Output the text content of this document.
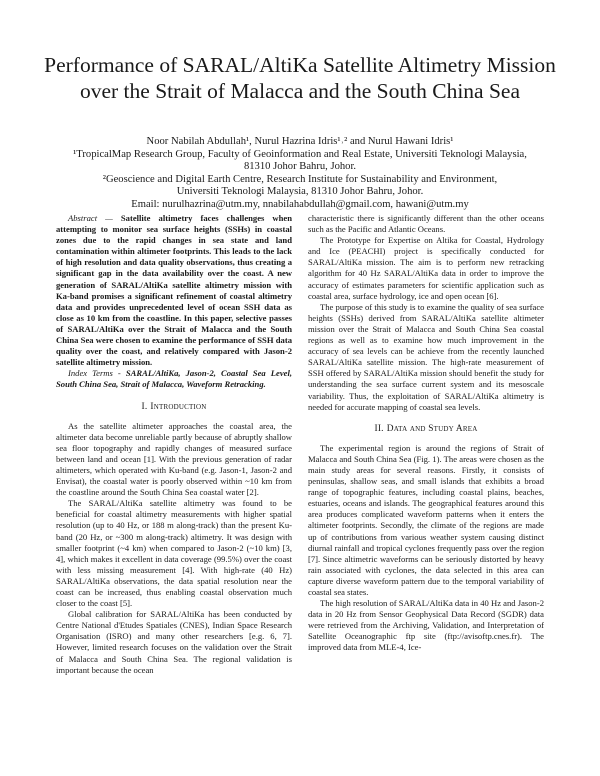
Performance of SARAL/AltiKa Satellite Altimetry Mission over the Strait of Malacca and the South China Sea
Noor Nabilah Abdullah¹, Nurul Hazrina Idris¹˒² and Nurul Hawani Idris¹
¹TropicalMap Research Group, Faculty of Geoinformation and Real Estate, Universiti Teknologi Malaysia,
81310 Johor Bahru, Johor.
²Geoscience and Digital Earth Centre, Research Institute for Sustainability and Environment,
Universiti Teknologi Malaysia, 81310 Johor Bahru, Johor.
Email: nurulhazrina@utm.my, nnabilahabdullah@gmail.com, hawani@utm.my

Abstract — Satellite altimetry faces challenges when attempting to monitor sea surface heights (SSHs) in coastal zones due to the rapid changes in sea state and land contamination within altimeter footprints. This leads to the lack of high resolution and data quality observations, thus creating a significant gap in the data availability over the coast. A new generation of SARAL/AltiKa satellite altimetry mission with Ka-band promises a significant refinement of coastal altimetry data and provides unprecedented level of ocean SSH data as close as 10 km from the coastline. In this paper, selective passes of SARAL/AltiKa over the Strait of Malacca and the South China Sea were chosen to examine the performance of SSH data quality over the coast, and relatively compared with Jason-2 satellite altimetry mission.

Index Terms - SARAL/AltiKa, Jason-2, Coastal Sea Level, South China Sea, Strait of Malacca, Waveform Retracking.

I. Introduction

As the satellite altimeter approaches the coastal area, the altimeter data become unreliable partly because of abruptly shallow sea floor topography and rapidly changes of measured surface between land and ocean [1]. With the previous generation of radar altimeters, which operated with Ku-band (e.g. Jason-1, Jason-2 and Envisat), the coastal water is poorly observed within ~10 km from the coastline around the South China Sea coastal water [2].

The SARAL/AltiKa satellite altimetry was found to be beneficial for coastal altimetry measurements with higher spatial resolution (up to 40 Hz, or 188 m along-track) than the present Ku-band (20 Hz, or ~300 m along-track) altimetry. It was design with smaller footprint (~4 km) when compared to Jason-2 (~10 km) [3, 4], which makes it excellent in data coverage (99.5%) over the coast with less missing measurement [4]. With high-rate (40 Hz) SARAL/AltiKa observations, the data spatial resolution near the coast can be increased, thus enabling coastal observation much closer to the coast [5].

Global calibration for SARAL/AltiKa has been conducted by Centre National d'Etudes Spatiales (CNES), Indian Space Research Organisation (ISRO) and many other researchers [e.g. 6, 7]. However, limited research focuses on the validation over the Strait of Malacca and South China Sea. The regional validation is important because the ocean

characteristic there is significantly different than the other oceans such as the Pacific and Atlantic Oceans.

The Prototype for Expertise on Altika for Coastal, Hydrology and Ice (PEACHI) project is specifically conducted for SARAL/AltiKa mission. The aim is to perform new retracking algorithm for 40 Hz SARAL/AltiKa data in order to improve the accuracy of estimates parameters for scientific application such as coastal area, surface hydrology, ice and open ocean [6].

The purpose of this study is to examine the quality of sea surface heights (SSHs) derived from SARAL/AltiKa satellite altimeter mission over the Strait of Malacca and South China Sea coastal regions as well as to examine how much improvement in the accuracy of sea levels can be achieve from the recently launched SARAL/AltiKa satellite mission. The high-rate measurement of SSH offered by SARAL/AltiKa mission should benefit the study for understanding the sea surface current system and its mesoscale variability. Thus, the exploitation of SARAL/AltiKa altimetry is needed for accurate mapping of coastal sea levels.

II. Data and Study Area

The experimental region is around the regions of Strait of Malacca and South China Sea (Fig. 1). The areas were chosen as the main study areas for several reasons. Firstly, it consists of peninsulas, shallow seas, and small islands that exhibits a broad range of topographic features, including coastal plains, beaches, estuaries, oceans and islands. The geographical features around this area produces complicated waveform patterns when it enters the altimeter footprints. Secondly, the climate of the regions are made up of contributions from various weather system causing distinct diurnal rainfall and tropical cyclones frequently pass over the region [7]. Since altimetric waveforms can be seriously distorted by heavy rain associated with cyclones, the data selected in this area can capture diverse waveform pattern due to the temporal variability of coastal sea states.

The high resolution of SARAL/AltiKa data in 40 Hz and Jason-2 data in 20 Hz from Sensor Geophysical Data Record (SGDR) data were retrieved from the Archiving, Validation, and Interpretation of Satellite Oceanographic ftp site (ftp://avisoftp.cnes.fr). The improved data from MLE-4, Ice-
